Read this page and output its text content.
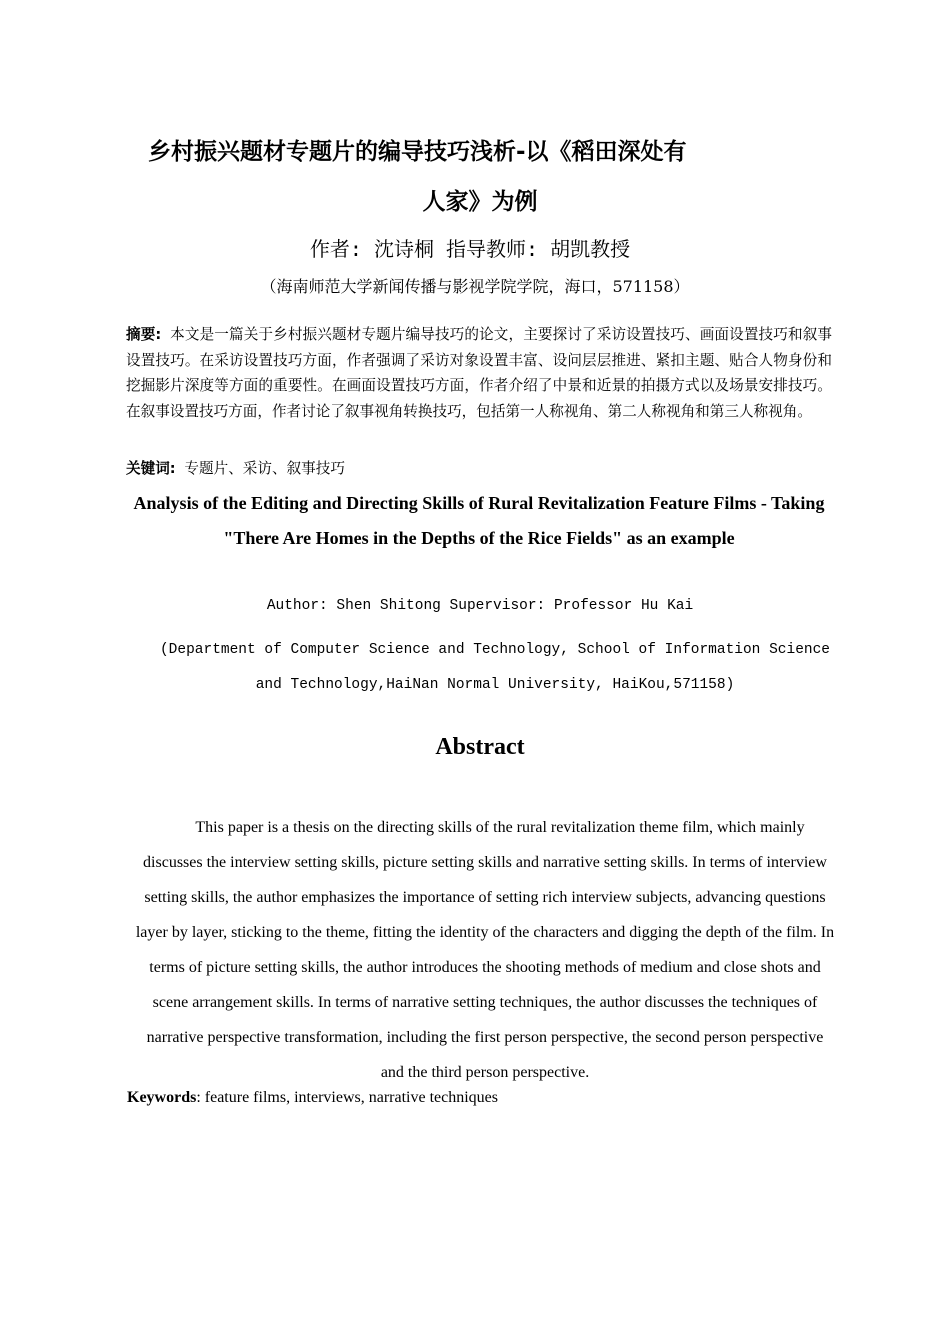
乡村振兴题材专题片的编导技巧浅析-以《稻田深处有
人家》为例
作者: 沈诗桐 指导教师: 胡凯教授
（海南师范大学新闻传播与影视学院学院，海口，571158）
摘要: 本文是一篇关于乡村振兴题材专题片编导技巧的论文，主要探讨了采访设置技巧、画面设置技巧和叙事设置技巧。在采访设置技巧方面，作者强调了采访对象设置丰富、设问层层推进、紧扣主题、贴合人物身份和挖掘影片深度等方面的重要性。在画面设置技巧方面，作者介绍了中景和近景的拍摄方式以及场景安排技巧。在叙事设置技巧方面，作者讨论了叙事视角转换技巧，包括第一人称视角、第二人称视角和第三人称视角。
关键词: 专题片、采访、叙事技巧
Analysis of the Editing and Directing Skills of Rural Revitalization Feature Films - Taking "There Are Homes in the Depths of the Rice Fields" as an example
Author: Shen Shitong Supervisor: Professor Hu Kai
(Department of Computer Science and Technology, School of Information Science and Technology,HaiNan Normal University, HaiKou,571158)
Abstract
This paper is a thesis on the directing skills of the rural revitalization theme film, which mainly discusses the interview setting skills, picture setting skills and narrative setting skills. In terms of interview setting skills, the author emphasizes the importance of setting rich interview subjects, advancing questions layer by layer, sticking to the theme, fitting the identity of the characters and digging the depth of the film. In terms of picture setting skills, the author introduces the shooting methods of medium and close shots and scene arrangement skills. In terms of narrative setting techniques, the author discusses the techniques of narrative perspective transformation, including the first person perspective, the second person perspective and the third person perspective.
Keywords: feature films, interviews, narrative techniques
